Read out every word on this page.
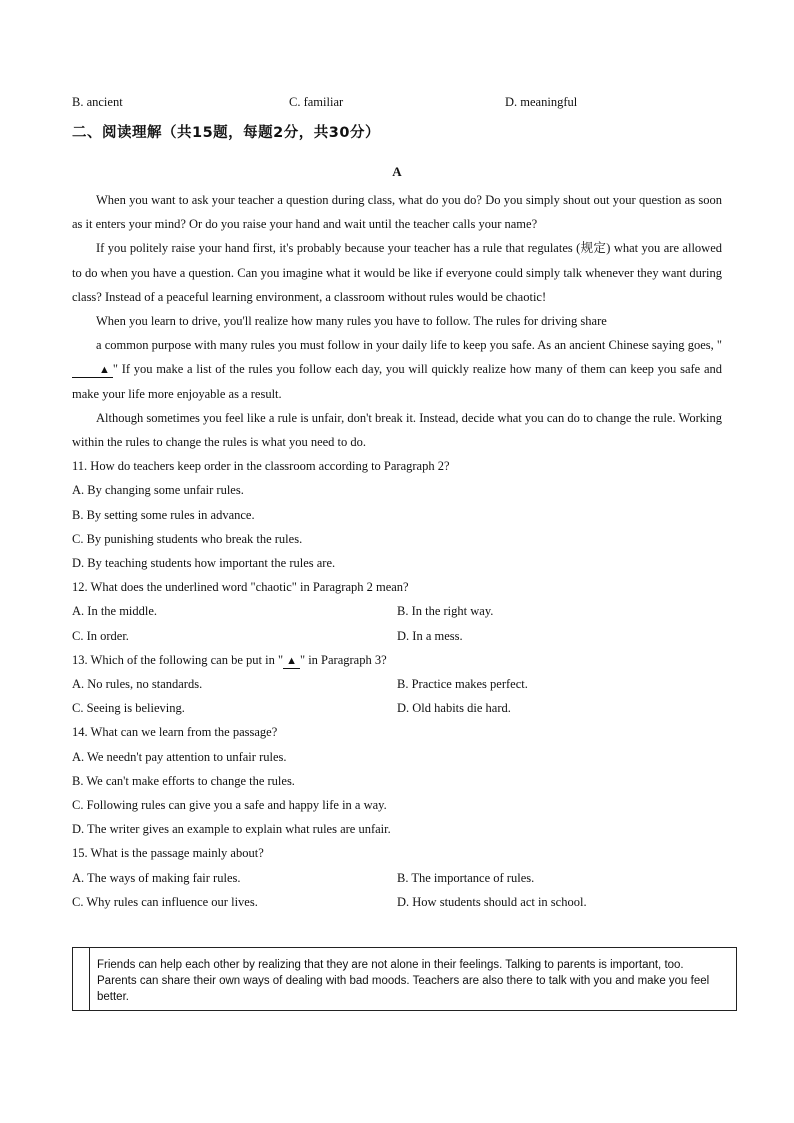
B. ancient	C. familiar	D. meaningful
二、阅读理解（共15题，每题2分，共30分）
A

When you want to ask your teacher a question during class, what do you do? Do you simply shout out your question as soon as it enters your mind? Or do you raise your hand and wait until the teacher calls your name?

If you politely raise your hand first, it's probably because your teacher has a rule that regulates (规定) what you are allowed to do when you have a question. Can you imagine what it would be like if everyone could simply talk whenever they want during class? Instead of a peaceful learning environment, a classroom without rules would be chaotic!

When you learn to drive, you'll realize how many rules you have to follow. The rules for driving share

a common purpose with many rules you must follow in your daily life to keep you safe. As an ancient Chinese saying goes, "▲ " If you make a list of the rules you follow each day, you will quickly realize how many of them can keep you safe and make your life more enjoyable as a result.

Although sometimes you feel like a rule is unfair, don't break it. Instead, decide what you can do to change the rule. Working within the rules to change the rules is what you need to do.

11. How do teachers keep order in the classroom according to Paragraph 2?

A. By changing some unfair rules.

B. By setting some rules in advance.

C. By punishing students who break the rules.

D. By teaching students how important the rules are.

12. What does the underlined word "chaotic" in Paragraph 2 mean?

A. In the middle.	B. In the right way.
C. In order.	D. In a mess.

13. Which of the following can be put in " ▲ " in Paragraph 3?

A. No rules, no standards.	B. Practice makes perfect.
C. Seeing is believing.	D. Old habits die hard.

14. What can we learn from the passage?

A. We needn't pay attention to unfair rules.

B. We can't make efforts to change the rules.

C. Following rules can give you a safe and happy life in a way.

D. The writer gives an example to explain what rules are unfair.

15. What is the passage mainly about?

A. The ways of making fair rules.	B. The importance of rules.
C. Why rules can influence our lives.	D. How students should act in school.
Friends can help each other by realizing that they are not alone in their feelings. Talking to parents is important, too. Parents can share their own ways of dealing with bad moods. Teachers are also there to talk with you and make you feel better.
